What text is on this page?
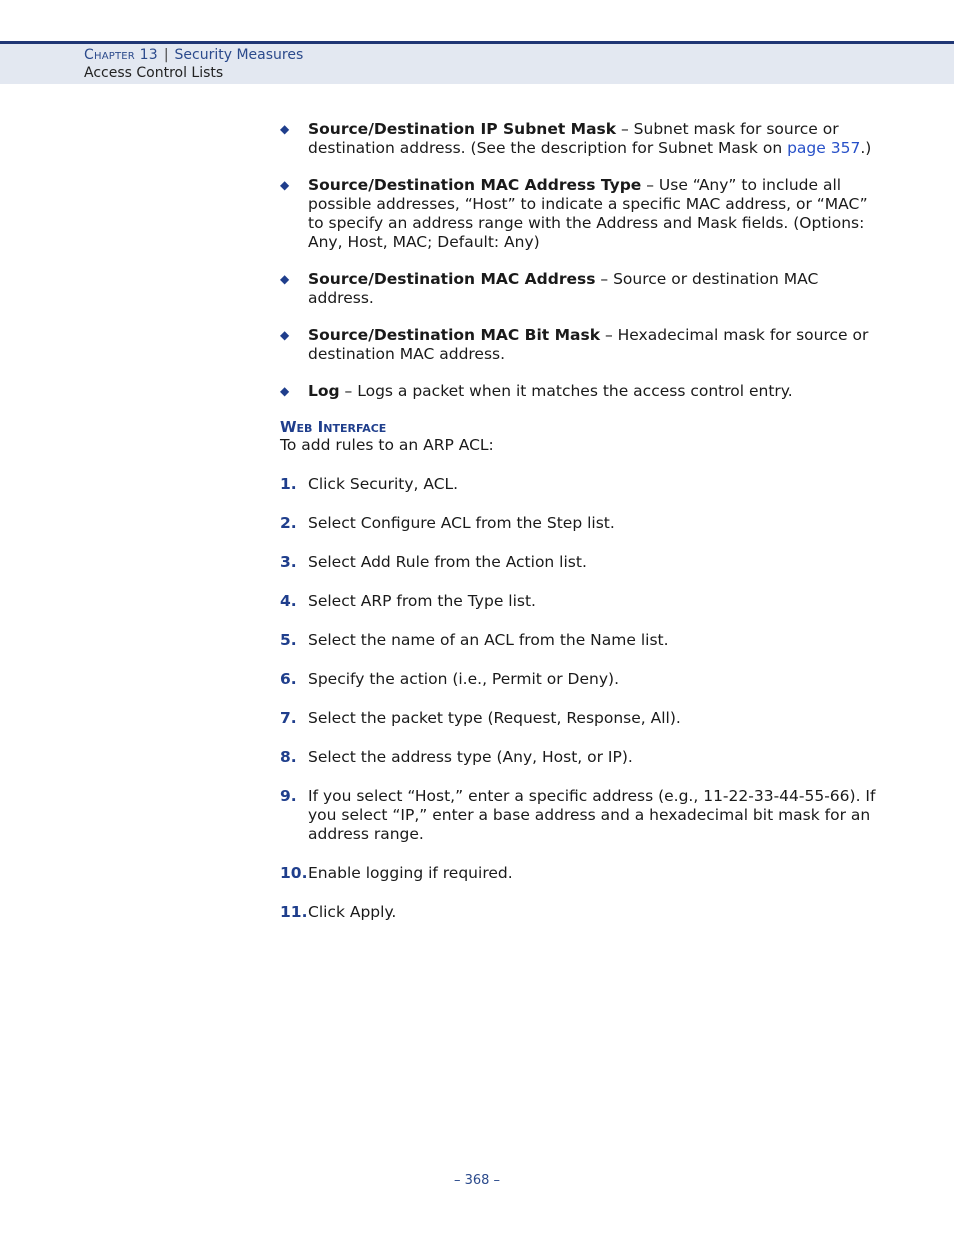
Chapter 13 | Security Measures
Access Control Lists
◆ Source/Destination IP Subnet Mask – Subnet mask for source or destination address. (See the description for Subnet Mask on page 357.)
◆ Source/Destination MAC Address Type – Use “Any” to include all possible addresses, “Host” to indicate a specific MAC address, or “MAC” to specify an address range with the Address and Mask fields. (Options: Any, Host, MAC; Default: Any)
◆ Source/Destination MAC Address – Source or destination MAC address.
◆ Source/Destination MAC Bit Mask – Hexadecimal mask for source or destination MAC address.
◆ Log – Logs a packet when it matches the access control entry.
Web Interface
To add rules to an ARP ACL:
1. Click Security, ACL.
2. Select Configure ACL from the Step list.
3. Select Add Rule from the Action list.
4. Select ARP from the Type list.
5. Select the name of an ACL from the Name list.
6. Specify the action (i.e., Permit or Deny).
7. Select the packet type (Request, Response, All).
8. Select the address type (Any, Host, or IP).
9. If you select “Host,” enter a specific address (e.g., 11-22-33-44-55-66). If you select “IP,” enter a base address and a hexadecimal bit mask for an address range.
10. Enable logging if required.
11. Click Apply.
– 368 –
